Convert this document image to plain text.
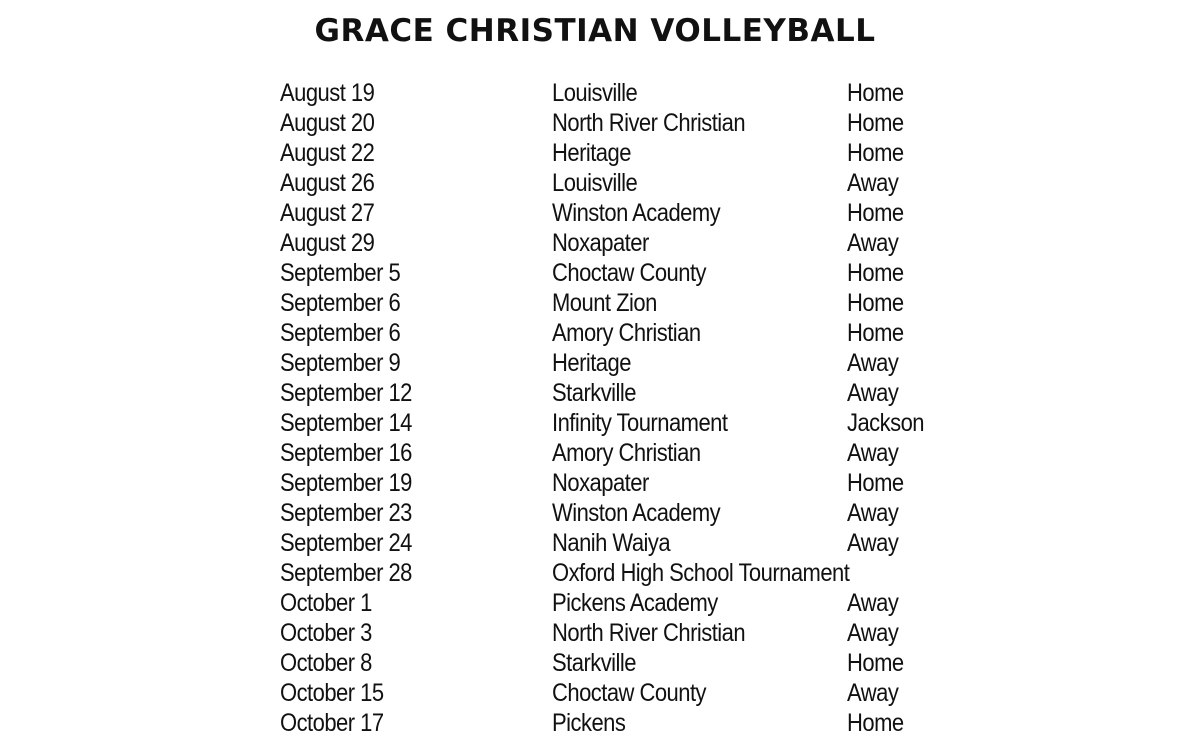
GRACE CHRISTIAN VOLLEYBALL
August 19	Louisville	Home
August 20	North River Christian	Home
August 22	Heritage	Home
August 26	Louisville	Away
August 27	Winston Academy	Home
August 29	Noxapater	Away
September 5	Choctaw County	Home
September 6	Mount Zion	Home
September 6	Amory Christian	Home
September 9	Heritage	Away
September 12	Starkville	Away
September 14	Infinity Tournament	Jackson
September 16	Amory Christian	Away
September 19	Noxapater	Home
September 23	Winston Academy	Away
September 24	Nanih Waiya	Away
September 28	Oxford High School Tournament
October 1	Pickens Academy	Away
October 3	North River Christian	Away
October 8	Starkville	Home
October 15	Choctaw County	Away
October 17	Pickens	Home
